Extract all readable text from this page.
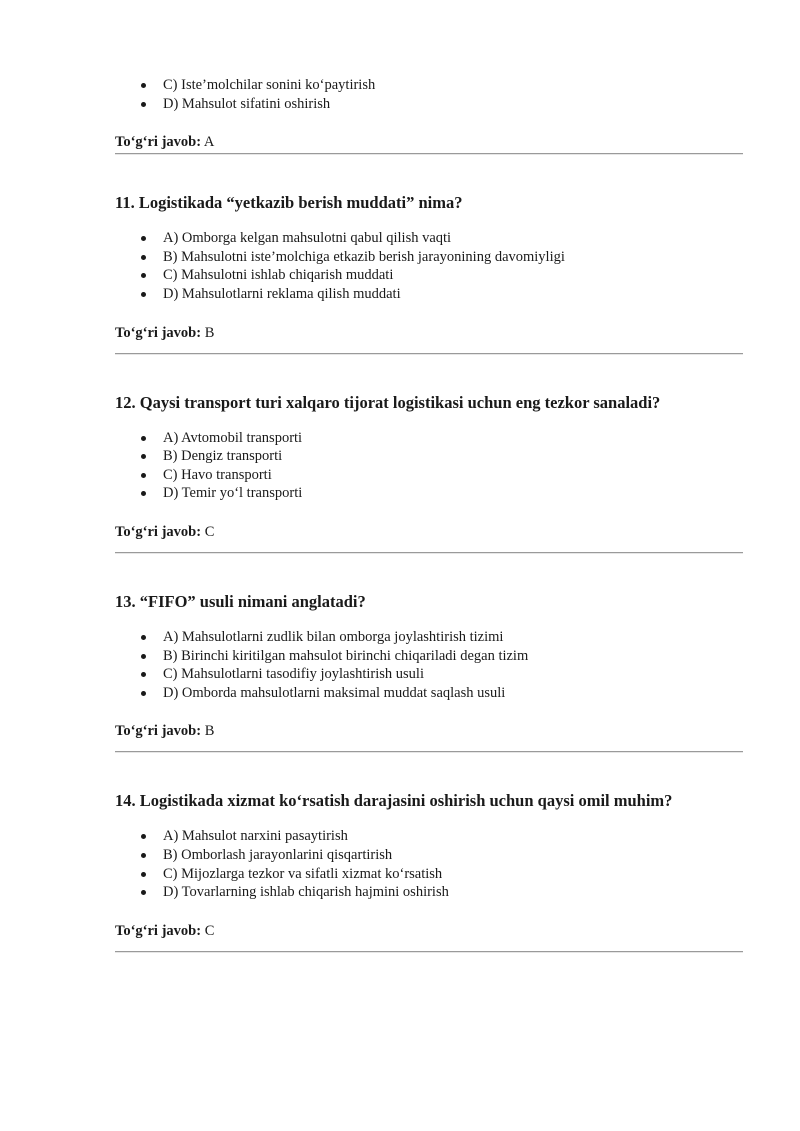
C) Iste’molchilar sonini ko‘paytirish
D) Mahsulot sifatini oshirish
To‘g‘ri javob: A
11. Logistikada “yetkazib berish muddati” nima?
A) Omborga kelgan mahsulotni qabul qilish vaqti
B) Mahsulotni iste’molchiga etkazib berish jarayonining davomiyligi
C) Mahsulotni ishlab chiqarish muddati
D) Mahsulotlarni reklama qilish muddati
To‘g‘ri javob: B
12. Qaysi transport turi xalqaro tijorat logistikasi uchun eng tezkor sanaladi?
A) Avtomobil transporti
B) Dengiz transporti
C) Havo transporti
D) Temir yo‘l transporti
To‘g‘ri javob: C
13. “FIFO” usuli nimani anglatadi?
A) Mahsulotlarni zudlik bilan omborga joylashtirish tizimi
B) Birinchi kiritilgan mahsulot birinchi chiqariladi degan tizim
C) Mahsulotlarni tasodifiy joylashtirish usuli
D) Omborda mahsulotlarni maksimal muddat saqlash usuli
To‘g‘ri javob: B
14. Logistikada xizmat ko‘rsatish darajasini oshirish uchun qaysi omil muhim?
A) Mahsulot narxini pasaytirish
B) Omborlash jarayonlarini qisqartirish
C) Mijozlarga tezkor va sifatli xizmat ko‘rsatish
D) Tovarlarning ishlab chiqarish hajmini oshirish
To‘g‘ri javob: C
